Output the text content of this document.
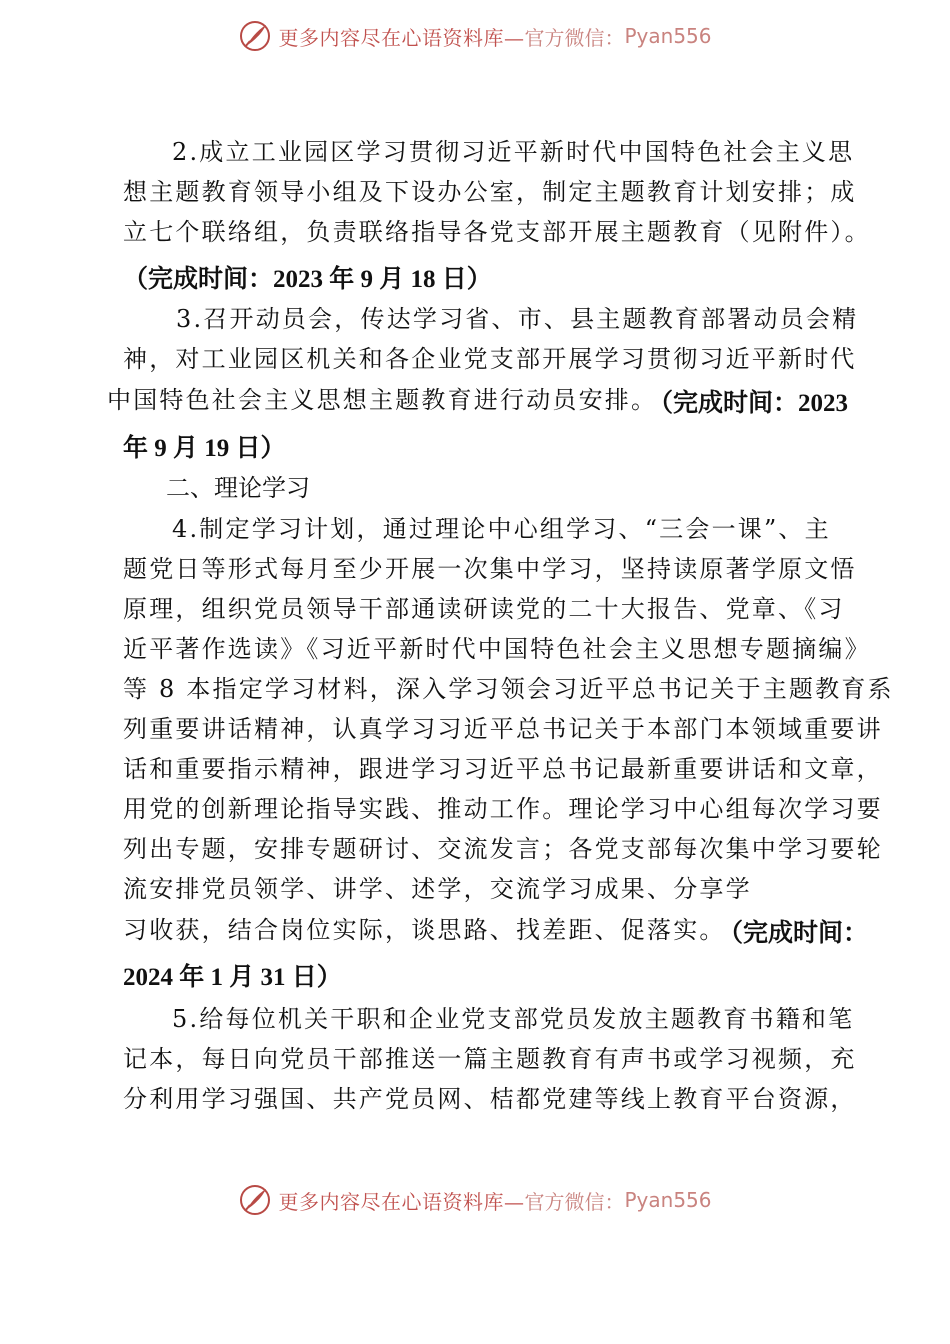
更多内容尽在心语资料库— 官方微信： Pyan556
2.成立工业园区学习贯彻习近平新时代中国特色社会主义思
想主题教育领导小组及下设办公室，制定主题教育计划安排；成
立七个联络组，负责联络指导各党支部开展主题教育（见附件）。
（完成时间：2023 年 9 月 18 日）
3.召开动员会，传达学习省、市、县主题教育部署动员会精
神，对工业园区机关和各企业党支部开展学习贯彻习近平新时代
中国特色社会主义思想主题教育进行动员安排。
（完成时间：2023
年 9 月 19 日）
二、理论学习
4.制定学习计划，通过理论中心组学习、“三会一课”、主
题党日等形式每月至少开展一次集中学习，坚持读原著学原文悟
原理，组织党员领导干部通读研读党的二十大报告、党章、《习
近平著作选读》《习近平新时代中国特色社会主义思想专题摘编》
等 8 本指定学习材料，深入学习领会习近平总书记关于主题教育系
列重要讲话精神，认真学习习近平总书记关于本部门本领域重要讲
话和重要指示精神，跟进学习习近平总书记最新重要讲话和文章，
用党的创新理论指导实践、推动工作。理论学习中心组每次学习要
列出专题，安排专题研讨、交流发言；各党支部每次集中学习要轮
流安排党员领学、讲学、述学，交流学习成果、分享学
习收获，结合岗位实际，谈思路、找差距、促落实。
（完成时间：
2024 年 1 月 31 日）
5.给每位机关干职和企业党支部党员发放主题教育书籍和笔
记本，每日向党员干部推送一篇主题教育有声书或学习视频，充
分利用学习强国、共产党员网、桔都党建等线上教育平台资源，
更多内容尽在心语资料库— 官方微信： Pyan556
